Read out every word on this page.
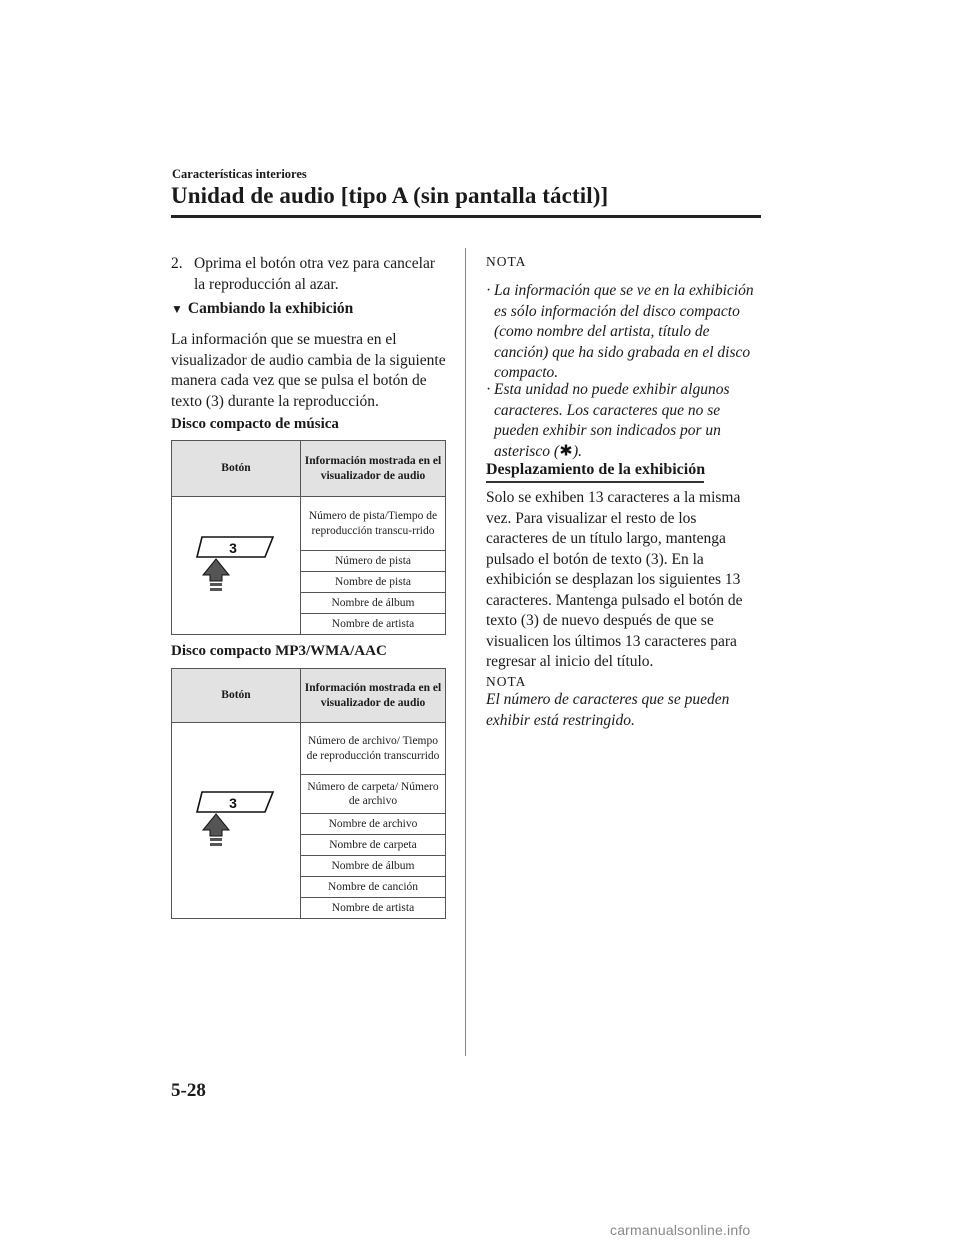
Características interiores
Unidad de audio [tipo A (sin pantalla táctil)]
2. Oprima el botón otra vez para cancelar la reproducción al azar.
▼ Cambiando la exhibición
La información que se muestra en el visualizador de audio cambia de la siguiente manera cada vez que se pulsa el botón de texto (3) durante la reproducción.
Disco compacto de música
Botón	Información mostrada en el visualizador de audio

3	Número de pista/Tiempo de reproducción transcu-rrido
	Número de pista
	Nombre de pista
	Nombre de álbum
	Nombre de artista
Disco compacto MP3/WMA/AAC
Botón	Información mostrada en el visualizador de audio

3	Número de archivo/ Tiempo de reproducción transcurrido
	Número de carpeta/ Número de archivo
	Nombre de archivo
	Nombre de carpeta
	Nombre de álbum
	Nombre de canción
	Nombre de artista
NOTA
· La información que se ve en la exhibición es sólo información del disco compacto (como nombre del artista, título de canción) que ha sido grabada en el disco compacto.
· Esta unidad no puede exhibir algunos caracteres. Los caracteres que no se pueden exhibir son indicados por un asterisco ( ).
Desplazamiento de la exhibición
Solo se exhiben 13 caracteres a la misma vez. Para visualizar el resto de los caracteres de un título largo, mantenga pulsado el botón de texto (3). En la exhibición se desplazan los siguientes 13 caracteres. Mantenga pulsado el botón de texto (3) de nuevo después de que se visualicen los últimos 13 caracteres para regresar al inicio del título.
NOTA
El número de caracteres que se pueden exhibir está restringido.
5-28
carmanualsonline.info
